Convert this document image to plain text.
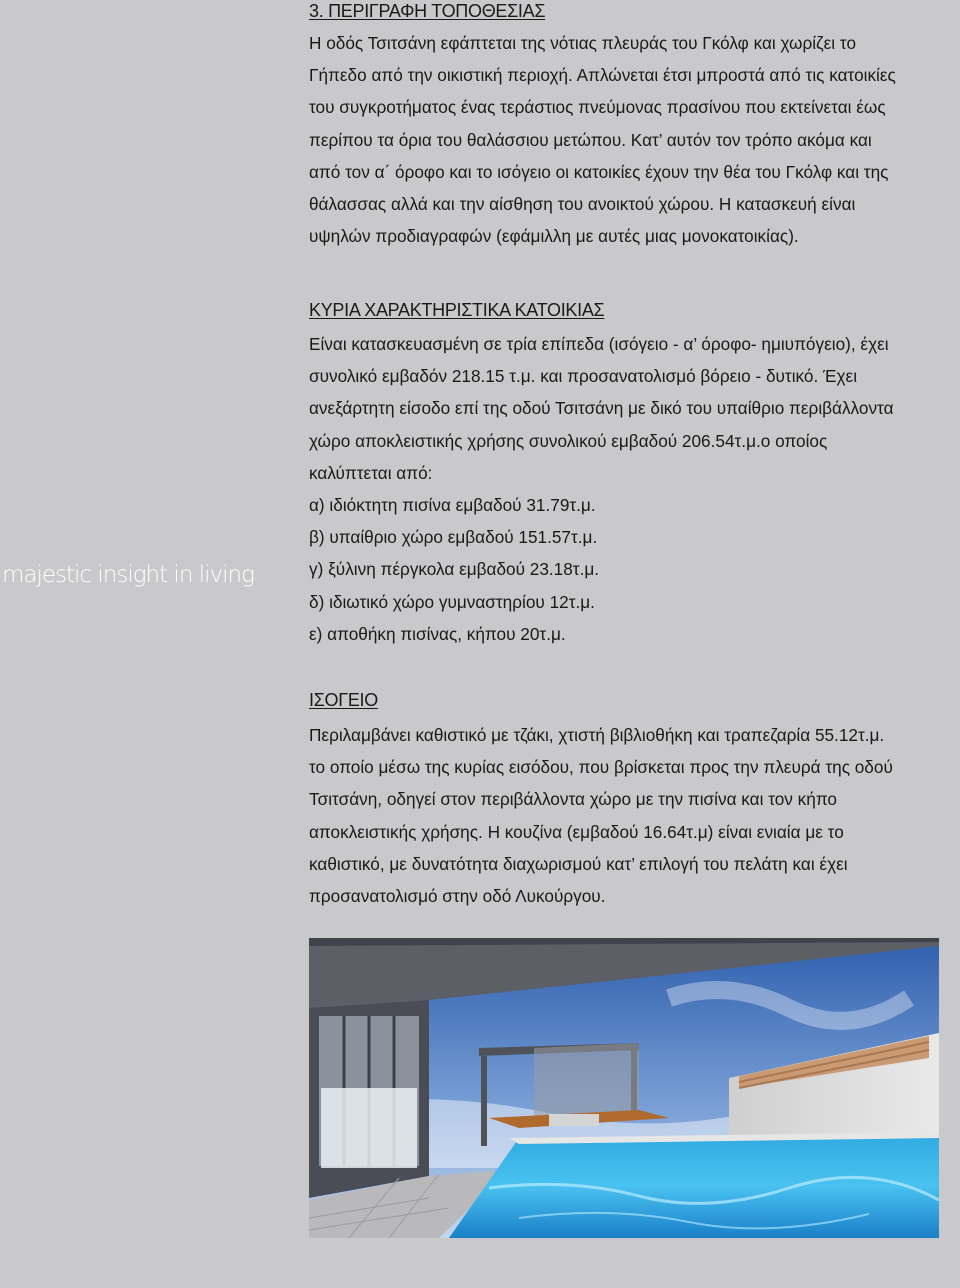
majestic insight in living
3. ΠΕΡΙΓΡΑΦΗ ΤΟΠΟΘΕΣΙΑΣ

Η οδός Τσιτσάνη εφάπτεται της νότιας πλευράς του Γκόλφ και χωρίζει το

Γήπεδο από την οικιστική περιοχή. Απλώνεται έτσι μπροστά από τις κατοικίες

του συγκροτήματος ένας τεράστιος πνεύμονας πρασίνου που εκτείνεται έως

περίπου τα όρια του θαλάσσιου μετώπου. Κατ’ αυτόν τον τρόπο ακόμα και

από τον α΄ όροφο και το ισόγειο οι κατοικίες έχουν την θέα του Γκόλφ και της

θάλασσας αλλά και την αίσθηση του ανοικτού χώρου. Η κατασκευή είναι

υψηλών προδιαγραφών (εφάμιλλη με αυτές μιας μονοκατοικίας).

ΚΥΡΙΑ ΧΑΡΑΚΤΗΡΙΣΤΙΚΑ ΚΑΤΟΙΚΙΑΣ

Είναι κατασκευασμένη σε τρία επίπεδα (ισόγειο - α’ όροφο- ημιυπόγειο), έχει

συνολικό εμβαδόν 218.15 τ.μ. και προσανατολισμό βόρειο - δυτικό. Έχει

ανεξάρτητη είσοδο επί της οδού Τσιτσάνη με δικό του υπαίθριο περιβάλλοντα

χώρο αποκλειστικής χρήσης συνολικού εμβαδού 206.54τ.μ.ο οποίος

καλύπτεται από:

α) ιδιόκτητη πισίνα εμβαδού 31.79τ.μ.

β) υπαίθριο χώρο εμβαδού 151.57τ.μ.

γ) ξύλινη πέργκολα εμβαδού 23.18τ.μ.

δ) ιδιωτικό χώρο γυμναστηρίου 12τ.μ.

ε) αποθήκη πισίνας, κήπου 20τ.μ.

ΙΣΟΓΕΙΟ

Περιλαμβάνει καθιστικό με τζάκι, χτιστή βιβλιοθήκη και τραπεζαρία 55.12τ.μ.

το οποίο μέσω της κυρίας εισόδου, που βρίσκεται προς την πλευρά της οδού

Τσιτσάνη, οδηγεί στον περιβάλλοντα χώρο με την πισίνα και τον κήπο

αποκλειστικής χρήσης. Η κουζίνα (εμβαδού 16.64τ.μ) είναι ενιαία με το

καθιστικό, με δυνατότητα διαχωρισμού κατ’ επιλογή του πελάτη και έχει

προσανατολισμό στην οδό Λυκούργου.
